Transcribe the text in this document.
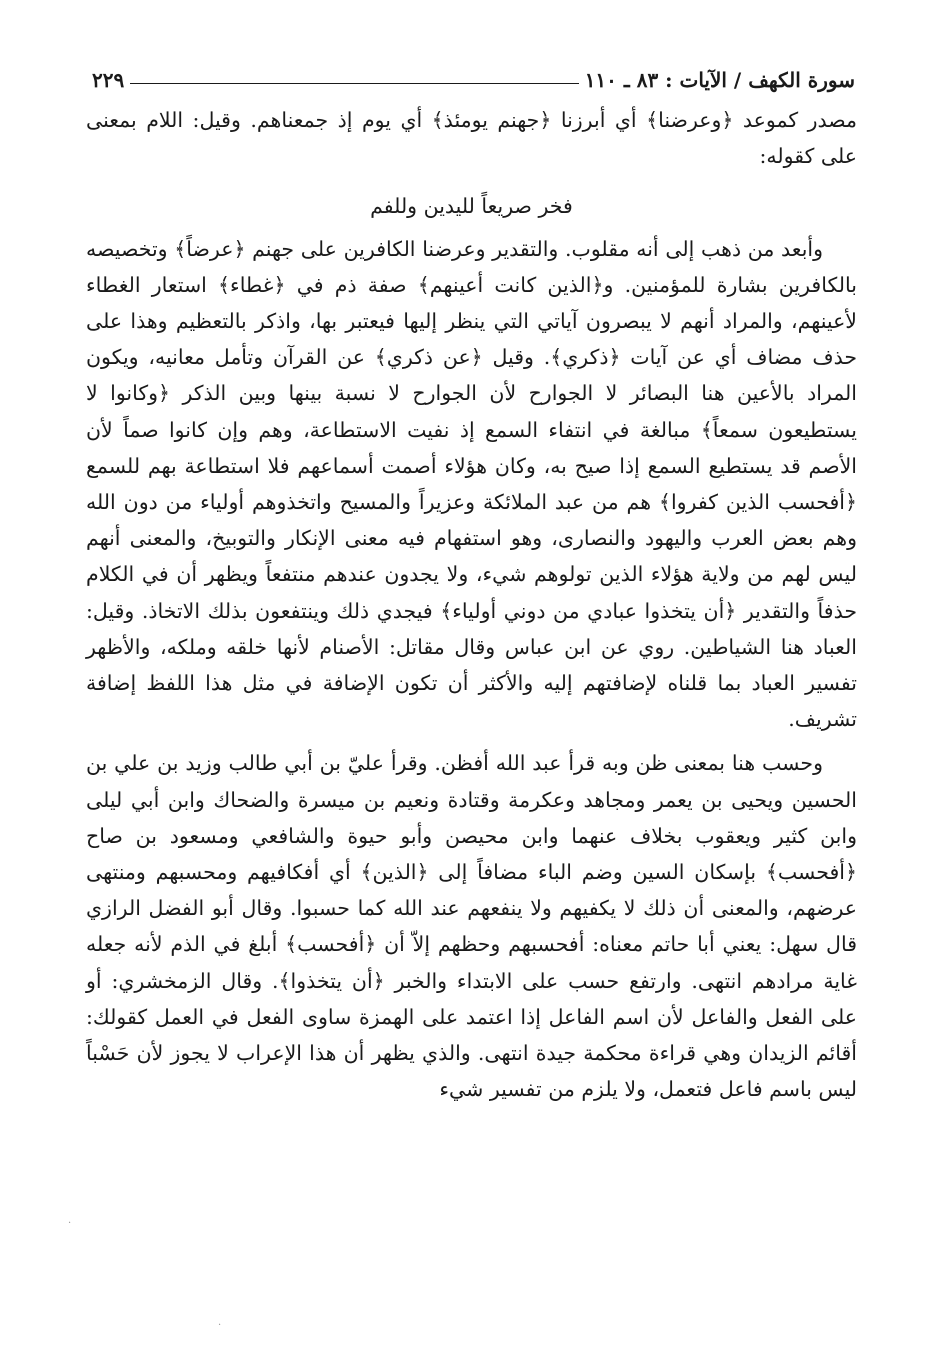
سورة الكهف / الآيات : ٨٣ ـ ١١٠
٢٢٩

مصدر كموعد ﴿وعرضنا﴾ أي أبرزنا ﴿جهنم يومئذ﴾ أي يوم إذ جمعناهم. وقيل: اللام بمعنى على كقوله:

فخر صريعاً لليدين وللفم

وأبعد من ذهب إلى أنه مقلوب. والتقدير وعرضنا الكافرين على جهنم ﴿عرضاً﴾ وتخصيصه بالكافرين بشارة للمؤمنين. و﴿الذين كانت أعينهم﴾ صفة ذم في ﴿غطاء﴾ استعار الغطاء لأعينهم، والمراد أنهم لا يبصرون آياتي التي ينظر إليها فيعتبر بها، واذكر بالتعظيم وهذا على حذف مضاف أي عن آيات ﴿ذكري﴾. وقيل ﴿عن ذكري﴾ عن القرآن وتأمل معانيه، ويكون المراد بالأعين هنا البصائر لا الجوارح لأن الجوارح لا نسبة بينها وبين الذكر ﴿وكانوا لا يستطيعون سمعاً﴾ مبالغة في انتفاء السمع إذ نفيت الاستطاعة، وهم وإن كانوا صماً لأن الأصم قد يستطيع السمع إذا صيح به، وكان هؤلاء أصمت أسماعهم فلا استطاعة بهم للسمع ﴿أفحسب الذين كفروا﴾ هم من عبد الملائكة وعزيراً والمسيح واتخذوهم أولياء من دون الله وهم بعض العرب واليهود والنصارى، وهو استفهام فيه معنى الإنكار والتوبيخ، والمعنى أنهم ليس لهم من ولاية هؤلاء الذين تولوهم شيء، ولا يجدون عندهم منتفعاً ويظهر أن في الكلام حذفاً والتقدير ﴿أن يتخذوا عبادي من دوني أولياء﴾ فيجدي ذلك وينتفعون بذلك الاتخاذ. وقيل: العباد هنا الشياطين. روي عن ابن عباس وقال مقاتل: الأصنام لأنها خلقه وملكه، والأظهر تفسير العباد بما قلناه لإضافتهم إليه والأكثر أن تكون الإضافة في مثل هذا اللفظ إضافة تشريف.

وحسب هنا بمعنى ظن وبه قرأ عبد الله أفظن. وقرأ عليّ بن أبي طالب وزيد بن علي بن الحسين ويحيى بن يعمر ومجاهد وعكرمة وقتادة ونعيم بن ميسرة والضحاك وابن أبي ليلى وابن كثير ويعقوب بخلاف عنهما وابن محيصن وأبو حيوة والشافعي ومسعود بن صاح ﴿أفحسب﴾ بإسكان السين وضم الباء مضافاً إلى ﴿الذين﴾ أي أفكافيهم ومحسبهم ومنتهى عرضهم، والمعنى أن ذلك لا يكفيهم ولا ينفعهم عند الله كما حسبوا. وقال أبو الفضل الرازي قال سهل: يعني أبا حاتم معناه: أفحسبهم وحظهم إلاّ أن ﴿أفحسب﴾ أبلغ في الذم لأنه جعله غاية مرادهم انتهى. وارتفع حسب على الابتداء والخبر ﴿أن يتخذوا﴾. وقال الزمخشري: أو على الفعل والفاعل لأن اسم الفاعل إذا اعتمد على الهمزة ساوى الفعل في العمل كقولك: أقائم الزيدان وهي قراءة محكمة جيدة انتهى. والذي يظهر أن هذا الإعراب لا يجوز لأن حَسْباً ليس باسم فاعل فتعمل، ولا يلزم من تفسير شيء

·
·
